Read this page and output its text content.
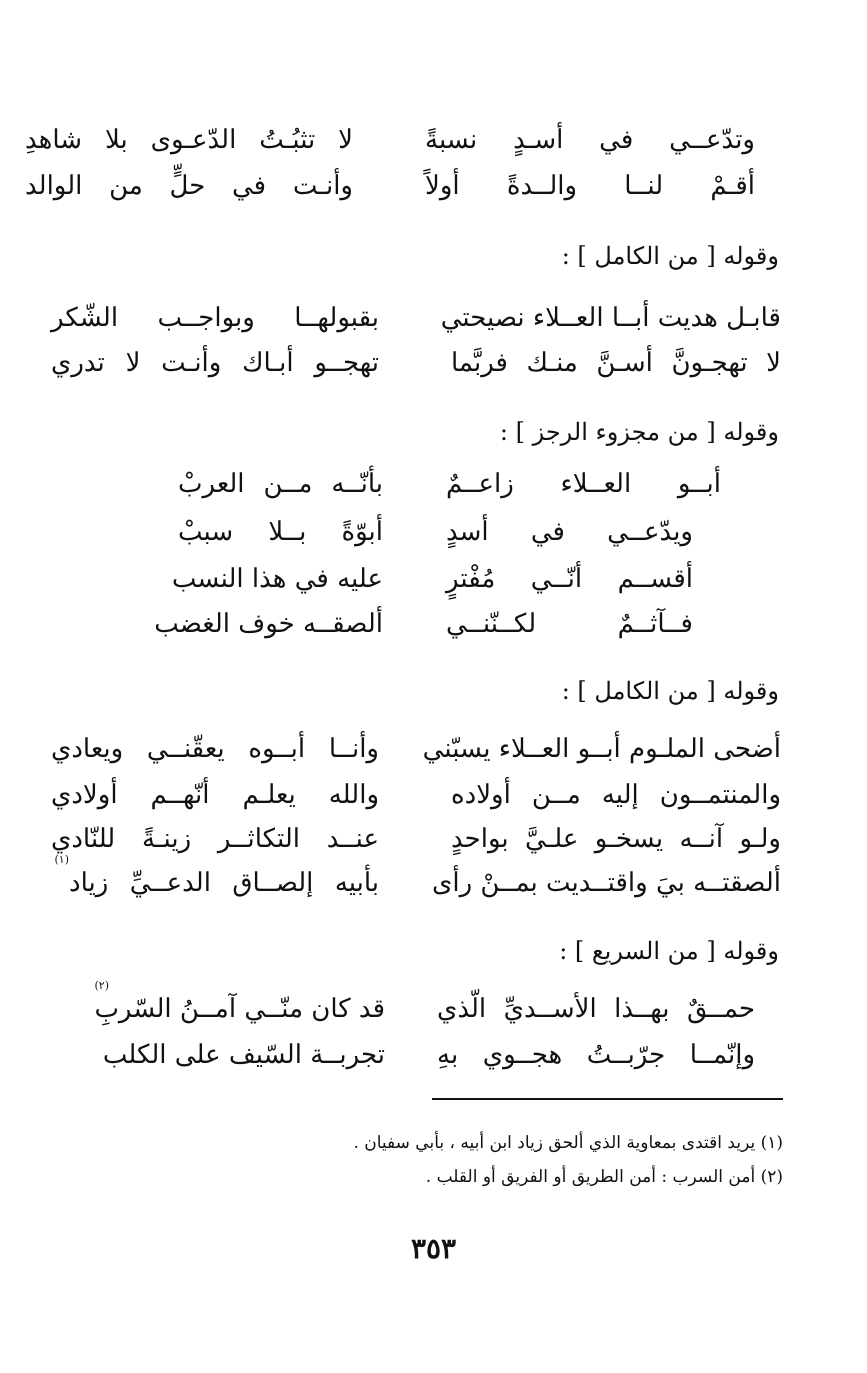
وتدّعــي في أسـدٍ نسبةً
لا تثبُـتُ الدّعـوى بلا شاهدِ
أقـمْ لنــا والــدةً أولاً
وأنـت في حلٍّ من الوالد
وقوله [ من الكامل ] :
قابـل هديت أبــا العــلاء نصيحتي
بقبولهــا وبواجــب الشّكر
لا تهجـونَّ أسـنَّ منـك فربَّما
تهجــو أبـاك وأنـت لا تدري
وقوله [ من مجزوء الرجز ] :
أبــو العــلاء زاعــمٌ
بأنّــه مــن العربْ
ويدّعــي في أسدٍ
أبوّةً بــلا سببْ
أقســم أنّــي مُفْترٍ
عليه في هذا النسب
فــآثــمٌ لكــنّنــي
ألصقــه خوف الغضب
وقوله [ من الكامل ] :
أضحى الملـوم أبــو العــلاء يسبّني
وأنــا أبــوه يعقّنــي ويعادي
والمنتمــون إليه مــن أولاده
والله يعلـم أنّهــم أولادي
ولـو آنــه يسخـو علـيَّ بواحدٍ
عنــد التكاثــر زينـةً للنّادي
ألصقتــه بيَ واقتــديت بمــنْ رأى
بأبيه إلصــاق الدعــيِّ زياد
(١)
وقوله [ من السريع ] :
حمــقٌ بهــذا الأســديِّ الّذي
قد كان منّــي آمــنُ السّربِ
(٢)
وإنّمــا جرّبــتُ هجــوي بهِ
تجربــة السّيف على الكلب
(١) يريد اقتدى بمعاوية الذي ألحق زياد ابن أبيه ، بأبي سفيان .
(٢) أمن السرب : أمن الطريق أو الفريق أو القلب .
٣٥٣
